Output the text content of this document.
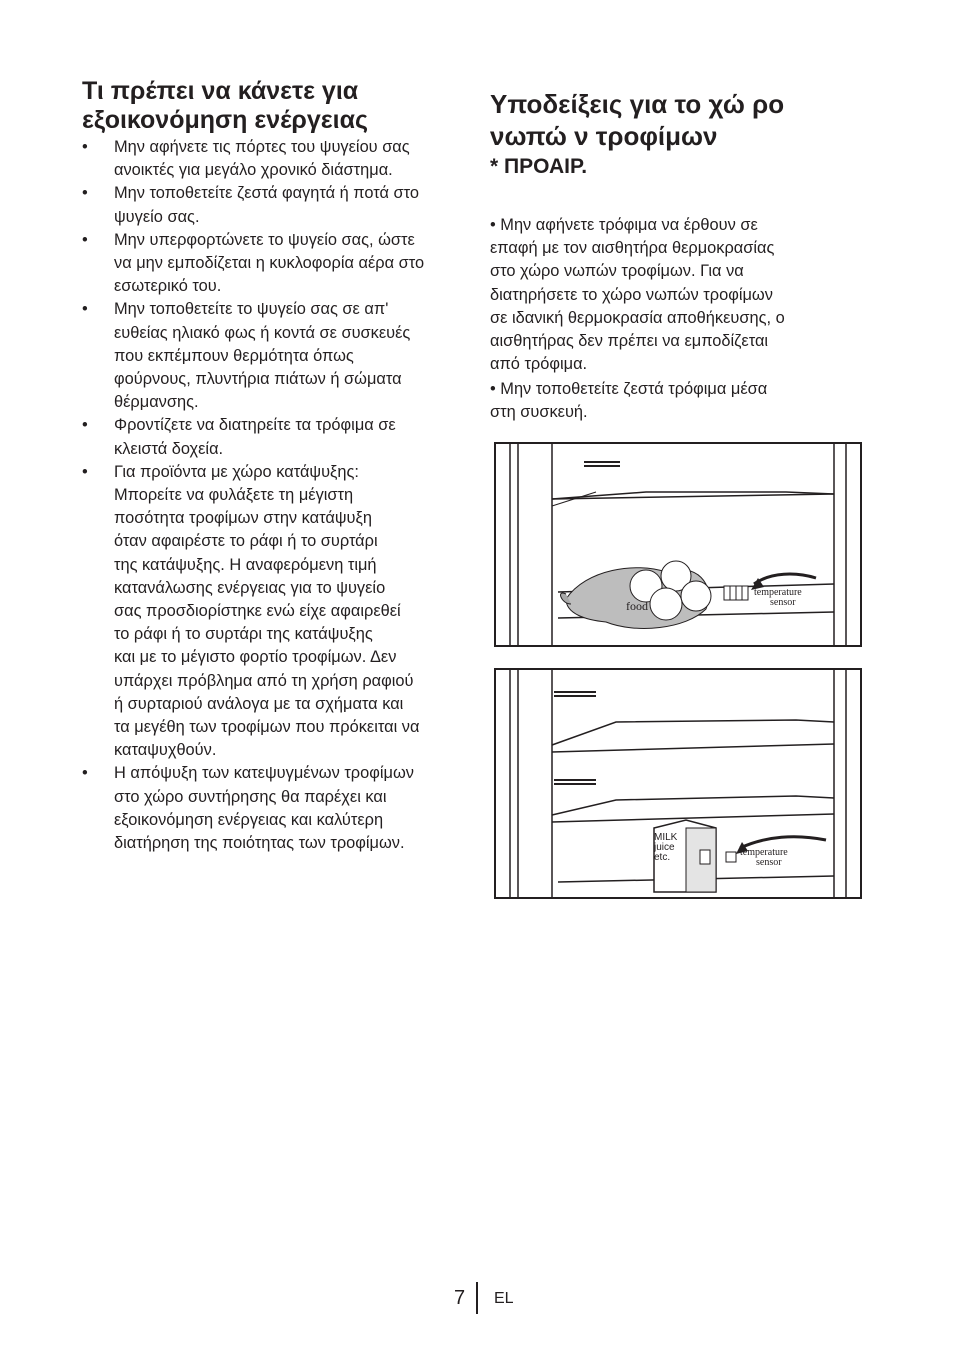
Τι πρέπει να κάνετε για εξοικονόμηση ενέργειας
• Μην αφήνετε τις πόρτες του ψυγείου σας
ανοικτές για μεγάλο χρονικό διάστημα.
• Μην τοποθετείτε ζεστά φαγητά ή ποτά στο
ψυγείο σας.
• Μην υπερφορτώνετε το ψυγείο σας, ώστε
να μην εμποδίζεται η κυκλοφορία αέρα στο
εσωτερικό του.
• Μην τοποθετείτε το ψυγείο σας σε απ'
ευθείας ηλιακό φως ή κοντά σε συσκευές
που εκπέμπουν θερμότητα όπως
φούρνους, πλυντήρια πιάτων ή σώματα
θέρμανσης.
• Φροντίζετε να διατηρείτε τα τρόφιμα σε
κλειστά δοχεία.
• Για προϊόντα με χώρο κατάψυξης:
Μπορείτε να φυλάξετε τη μέγιστη
ποσότητα τροφίμων στην κατάψυξη
όταν αφαιρέστε το ράφι ή το συρτάρι
της κατάψυξης. Η αναφερόμενη τιμή
κατανάλωσης ενέργειας για το ψυγείο
σας προσδιορίστηκε ενώ είχε αφαιρεθεί
το ράφι ή το συρτάρι της κατάψυξης
και με το μέγιστο φορτίο τροφίμων. Δεν
υπάρχει πρόβλημα από τη χρήση ραφιού
ή συρταριού ανάλογα με τα σχήματα και
τα μεγέθη των τροφίμων που πρόκειται να
καταψυχθούν.
• Η απόψυξη των κατεψυγμένων τροφίμων
στο χώρο συντήρησης θα παρέχει και
εξοικονόμηση ενέργειας και καλύτερη
διατήρηση της ποιότητας των τροφίμων.
Υποδείξεις για το χώ ρο
νωπώ ν τροφίμων

* ΠΡΟΑΙΡ.

• Μην αφήνετε τρόφιμα να έρθουν σε
επαφή με τον αισθητήρα θερμοκρασίας
στο χώρο νωπών τροφίμων. Για να
διατηρήσετε το χώρο νωπών τροφίμων
σε ιδανική θερμοκρασία αποθήκευσης, ο
αισθητήρας δεν πρέπει να εμποδίζεται
από τρόφιμα.

• Μην τοποθετείτε ζεστά τρόφιμα μέσα
στη συσκευή.

food
temperature
sensor
MILK
juice
etc.	temperature
sensor
7 EL
